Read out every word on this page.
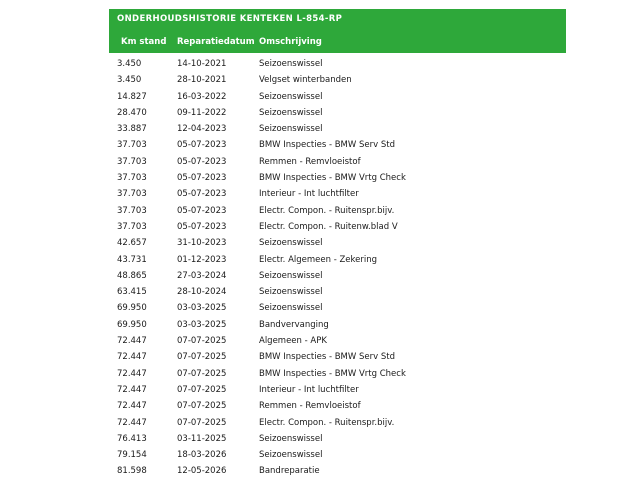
ONDERHOUDSHISTORIE KENTEKEN L-854-RP
Km stand Reparatiedatum Omschrijving
3.450	14-10-2021	Seizoenswissel
3.450	28-10-2021	Velgset winterbanden
14.827	16-03-2022	Seizoenswissel
28.470	09-11-2022	Seizoenswissel
33.887	12-04-2023	Seizoenswissel
37.703	05-07-2023	BMW Inspecties - BMW Serv Std
37.703	05-07-2023	Remmen - Remvloeistof
37.703	05-07-2023	BMW Inspecties - BMW Vrtg Check
37.703	05-07-2023	Interieur - Int luchtfilter
37.703	05-07-2023	Electr. Compon. - Ruitenspr.bijv.
37.703	05-07-2023	Electr. Compon. - Ruitenw.blad V
42.657	31-10-2023	Seizoenswissel
43.731	01-12-2023	Electr. Algemeen - Zekering
48.865	27-03-2024	Seizoenswissel
63.415	28-10-2024	Seizoenswissel
69.950	03-03-2025	Seizoenswissel
69.950	03-03-2025	Bandvervanging
72.447	07-07-2025	Algemeen - APK
72.447	07-07-2025	BMW Inspecties - BMW Serv Std
72.447	07-07-2025	BMW Inspecties - BMW Vrtg Check
72.447	07-07-2025	Interieur - Int luchtfilter
72.447	07-07-2025	Remmen - Remvloeistof
72.447	07-07-2025	Electr. Compon. - Ruitenspr.bijv.
76.413	03-11-2025	Seizoenswissel
79.154	18-03-2026	Seizoenswissel
81.598	12-05-2026	Bandreparatie
